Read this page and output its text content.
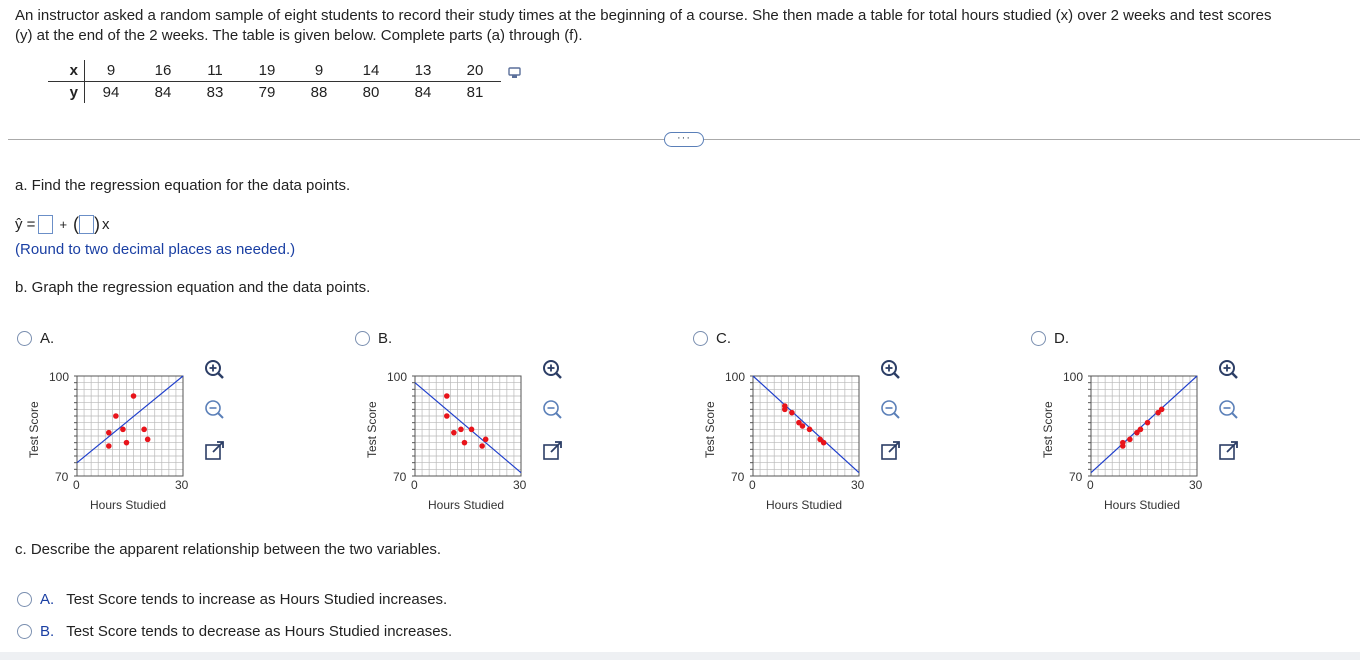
An instructor asked a random sample of eight students to record their study times at the beginning of a course. She then made a table for total hours studied (x) over 2 weeks and test scores
(y) at the end of the 2 weeks. The table is given below. Complete parts (a) through (f).
x	9	16	11	19	9	14	13	20
y	94	84	83	79	88	80	84	81
···
a. Find the regression equation for the data points.
ŷ = + ( ) x
(Round to two decimal places as needed.)
b. Graph the regression equation and the data points.
A.
100
70
0	30
Hours Studied
Test Score
B.
100
70
0	30
Hours Studied
Test Score
C.
100
70
0	30
Hours Studied
Test Score
D.
100
70
0	30
Hours Studied
Test Score
c. Describe the apparent relationship between the two variables.
A. Test Score tends to increase as Hours Studied increases.
B. Test Score tends to decrease as Hours Studied increases.
